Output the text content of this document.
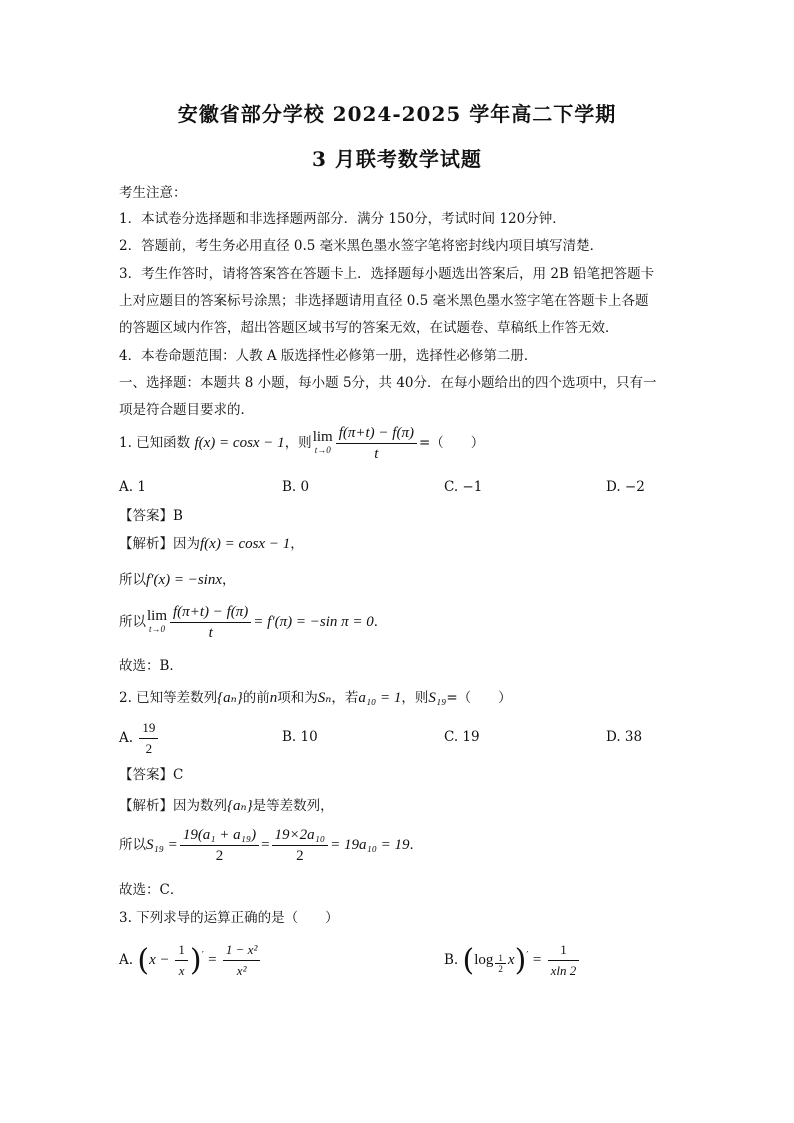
安徽省部分学校 2024-2025 学年高二下学期
3 月联考数学试题
考生注意：
1．本试卷分选择题和非选择题两部分．满分 150分，考试时间 120分钟．
2．答题前，考生务必用直径 0.5 毫米黑色墨水签字笔将密封线内项目填写清楚．
3．考生作答时，请将答案答在答题卡上．选择题每小题选出答案后，用 2B 铅笔把答题卡
上对应题目的答案标号涂黑；非选择题请用直径 0.5 毫米黑色墨水签字笔在答题卡上各题
的答题区域内作答，超出答题区域书写的答案无效，在试题卷、草稿纸上作答无效．
4．本卷命题范围：人教 A 版选择性必修第一册，选择性必修第二册．
一、选择题：本题共 8 小题，每小题 5分，共 40分．在每小题给出的四个选项中，只有一
项是符合题目要求的．
1. 已知函数 f(x) = cosx − 1，则 lim
$t\to 0 \frac{f(\pi+t) - f(\pi)}{t}$ =（　　）
A. 1	B. 0	C. −1	D. −2
【答案】B
【解析】因为f(x) = cosx − 1，
所以f′(x) = −sinx，
所以 lim
$t\to 0 \frac{f(\pi+t) - f(\pi)}{t} = f'(\pi) = -\sin$ π = 0．
故选：B．
2. 已知等差数列{aₙ}的前n项和为Sₙ，若a₁₀ = 1，则S₁₉=（　　）
A. $\frac{19}{2}$	B. 10	C. 19	D. 38
【答案】C
【解析】因为数列{aₙ}是等差数列，
所以$S_{19} = \frac{\text{19(a₁ + a₁₉)}}{2} = \frac{\text{19×2a₁₀}}{2} = 19a_{10} = 19$．
故选：C．
3. 下列求导的运算正确的是（　　）
A. $(x - \frac{1}{x} )' = \frac{\text{1 − x²}}{\text{x²}}$	B. $(\log \frac{1}{2} x)' = \frac{1}{xln 2}$
